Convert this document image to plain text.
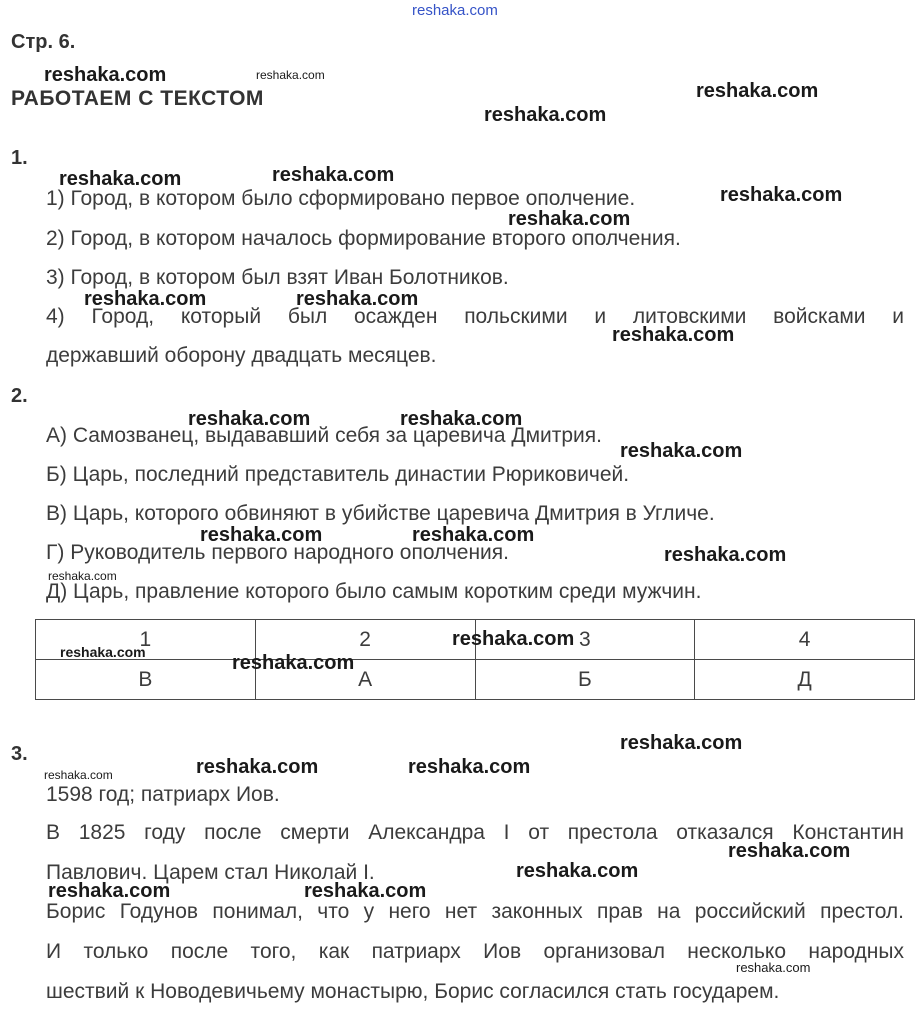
reshaka.com
Стр. 6.
РАБОТАЕМ С ТЕКСТОМ
1.
1) Город, в котором было сформировано первое ополчение.
2) Город, в котором началось формирование второго ополчения.
3) Город, в котором был взят Иван Болотников.
4) Город, который был осажден польскими и литовскими войсками и
державший оборону двадцать месяцев.
2.
А) Самозванец, выдававший себя за царевича Дмитрия.
Б) Царь, последний представитель династии Рюриковичей.
В) Царь, которого обвиняют в убийстве царевича Дмитрия в Угличе.
Г) Руководитель первого народного ополчения.
Д) Царь, правление которого было самым коротким среди мужчин.
1	2	3	4
В	А	Б	Д
3.
1598 год; патриарх Иов.
В 1825 году после смерти Александра I от престола отказался Константин
Павлович. Царем стал Николай I.
Борис Годунов понимал, что у него нет законных прав на российский престол.
И только после того, как патриарх Иов организовал несколько народных
шествий к Новодевичьему монастырю, Борис согласился стать государем.
reshaka.com	reshaka.com
reshaka.com
reshaka.com
reshaka.com	reshaka.com
reshaka.com
reshaka.com
reshaka.com	reshaka.com
reshaka.com
reshaka.com	reshaka.com
reshaka.com
reshaka.com	reshaka.com
reshaka.com
reshaka.com
reshaka.com
reshaka.com	reshaka.com
reshaka.com
reshaka.com	reshaka.com	reshaka.com
reshaka.com
reshaka.com
reshaka.com	reshaka.com
reshaka.com
